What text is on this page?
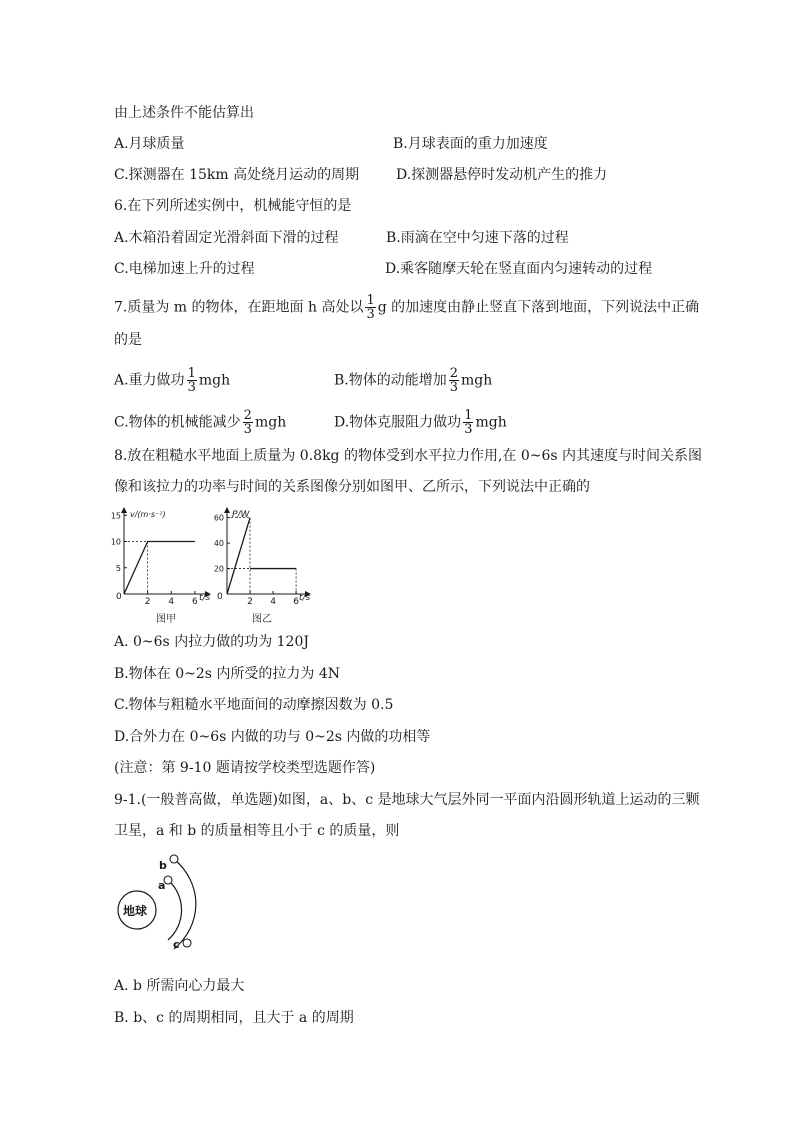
由上述条件不能估算出
A.月球质量	B.月球表面的重力加速度
C.探测器在 15km 高处绕月运动的周期	D.探测器悬停时发动机产生的推力
6.在下列所述实例中，机械能守恒的是
A.木箱沿着固定光滑斜面下滑的过程	B.雨滴在空中匀速下落的过程
C.电梯加速上升的过程	D.乘客随摩天轮在竖直面内匀速转动的过程
7.质量为 m 的物体，在距地面 h 高处以 $\frac{1}{3}$ g 的加速度由静止竖直下落到地面，下列说法中正确
的是
A.重力做功 $\frac{1}{3}$ mgh	B.物体的动能增加 $\frac{2}{3}$ mgh
C.物体的机械能减少 $\frac{2}{3}$ mgh	D.物体克服阻力做功 $\frac{1}{3}$ mgh
8.放在粗糙水平地面上质量为 0.8kg 的物体受到水平拉力作用,在 0~6s 内其速度与时间关系图
像和该拉力的功率与时间的关系图像分别如图甲、乙所示，下列说法中正确的
v/(m·s⁻¹)
t/s
0
图甲
5
10
15
2 4 6
P/W
t/s
0
图乙
20
40
60
2 4 6
A. 0~6s 内拉力做的功为 120J
B.物体在 0~2s 内所受的拉力为 4N
C.物体与粗糙水平地面间的动摩擦因数为 0.5
D.合外力在 0~6s 内做的功与 0~2s 内做的功相等
(注意：第 9-10 题请按学校类型选题作答)
9-1.(一般普高做，单选题)如图，a、b、c 是地球大气层外同一平面内沿圆形轨道上运动的三颗
卫星，a 和 b 的质量相等且小于 c 的质量，则
地球
a
b
c
A. b 所需向心力最大
B. b、c 的周期相同，且大于 a 的周期
